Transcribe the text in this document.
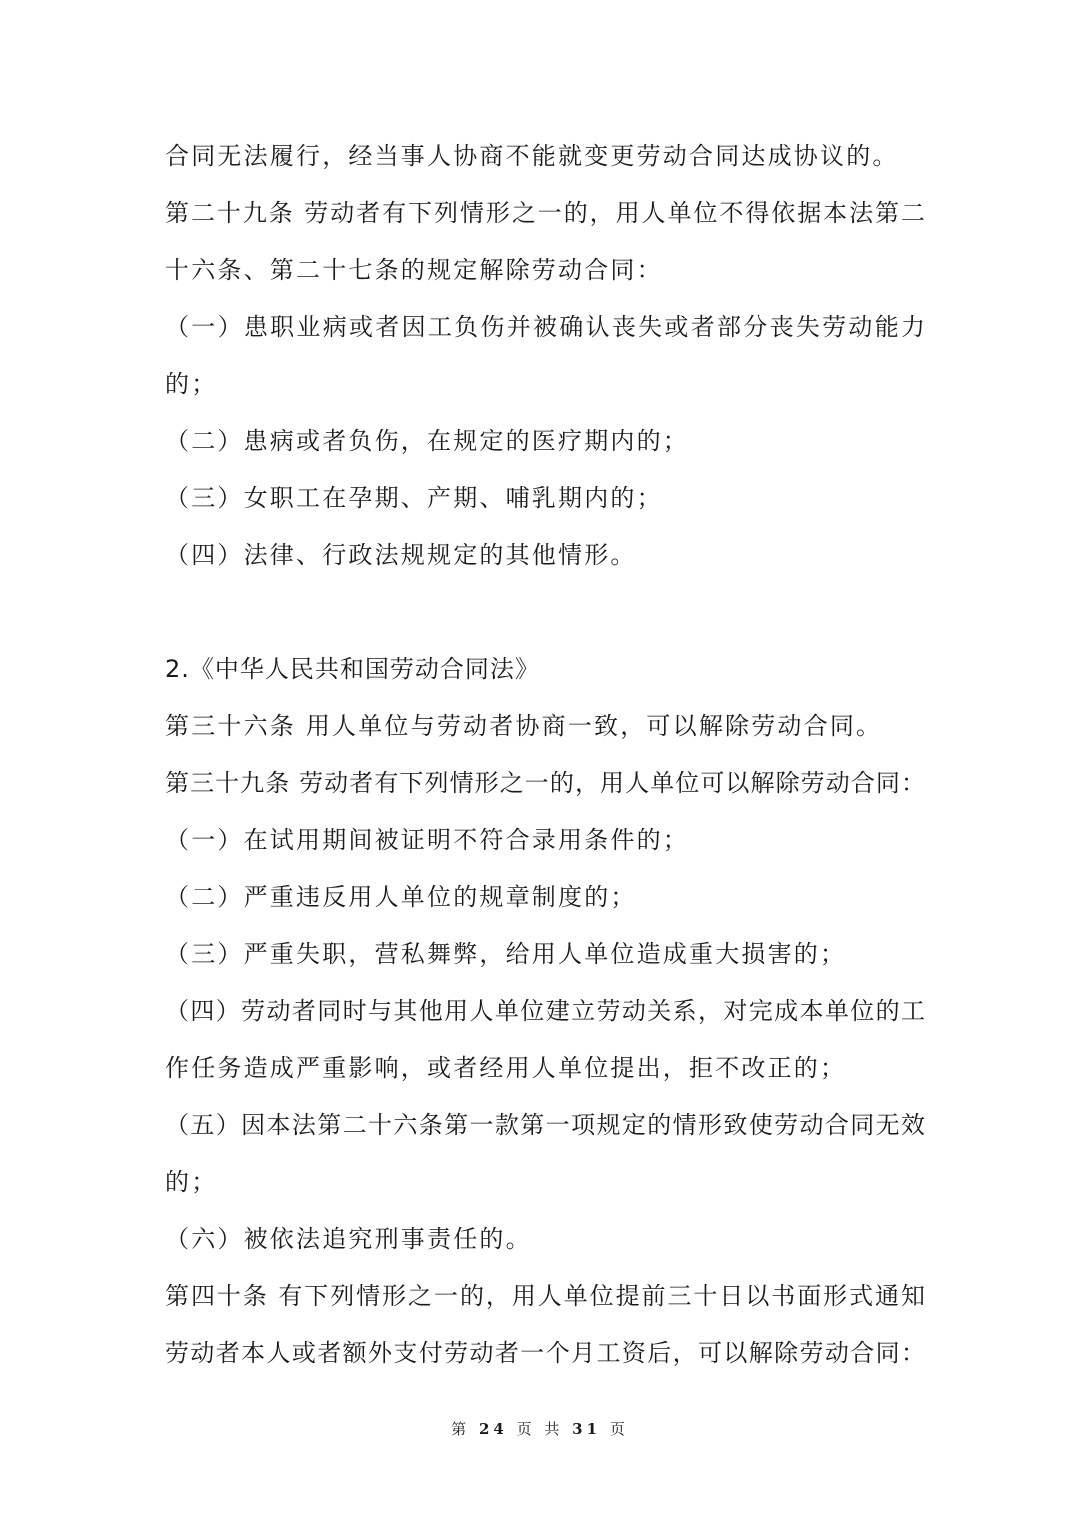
合同无法履行，经当事人协商不能就变更劳动合同达成协议的。
第二十九条 劳动者有下列情形之一的，用人单位不得依据本法第二
十六条、第二十七条的规定解除劳动合同：
（一）患职业病或者因工负伤并被确认丧失或者部分丧失劳动能力
的；
（二）患病或者负伤，在规定的医疗期内的；
（三）女职工在孕期、产期、哺乳期内的；
（四）法律、行政法规规定的其他情形。
2.《中华人民共和国劳动合同法》
第三十六条 用人单位与劳动者协商一致，可以解除劳动合同。
第三十九条 劳动者有下列情形之一的，用人单位可以解除劳动合同：
（一）在试用期间被证明不符合录用条件的；
（二）严重违反用人单位的规章制度的；
（三）严重失职，营私舞弊，给用人单位造成重大损害的；
（四）劳动者同时与其他用人单位建立劳动关系，对完成本单位的工
作任务造成严重影响，或者经用人单位提出，拒不改正的；
（五）因本法第二十六条第一款第一项规定的情形致使劳动合同无效
的；
（六）被依法追究刑事责任的。
第四十条 有下列情形之一的，用人单位提前三十日以书面形式通知
劳动者本人或者额外支付劳动者一个月工资后，可以解除劳动合同：
第 24 页 共 31 页
